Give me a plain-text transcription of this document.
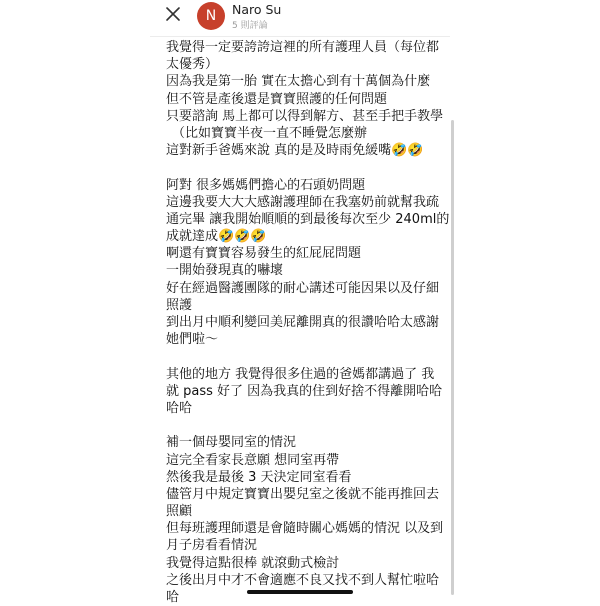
N	Naro Su
5 則評論
我覺得一定要誇誇這裡的所有護理人員（每位都
太優秀）
因為我是第一胎 實在太擔心到有十萬個為什麼
但不管是產後還是寶寶照護的任何問題
只要諮詢 馬上都可以得到解方、甚至手把手教學
（比如寶寶半夜一直不睡覺怎麼辦
這對新手爸媽來說 真的是及時雨免緩嘴🤣🤣

阿對 很多媽媽們擔心的石頭奶問題
這邊我要大大大感謝護理師在我塞奶前就幫我疏
通完畢 讓我開始順順的到最後每次至少 240ml的
成就達成🤣🤣🤣
啊還有寶寶容易發生的紅屁屁問題
一開始發現真的嚇壞
好在經過醫護團隊的耐心講述可能因果以及仔細
照護
到出月中順利變回美屁離開真的很讚哈哈太感謝
她們啦～

其他的地方 我覺得很多住過的爸媽都講過了 我
就 pass 好了 因為我真的住到好捨不得離開哈哈
哈哈

補一個母嬰同室的情況
這完全看家長意願 想同室再帶
然後我是最後 3 天決定同室看看
儘管月中規定寶寶出嬰兒室之後就不能再推回去
照顧
但每班護理師還是會隨時關心媽媽的情況 以及到
月子房看看情況
我覺得這點很棒 就滾動式檢討
之後出月中才不會適應不良又找不到人幫忙啦哈
哈
